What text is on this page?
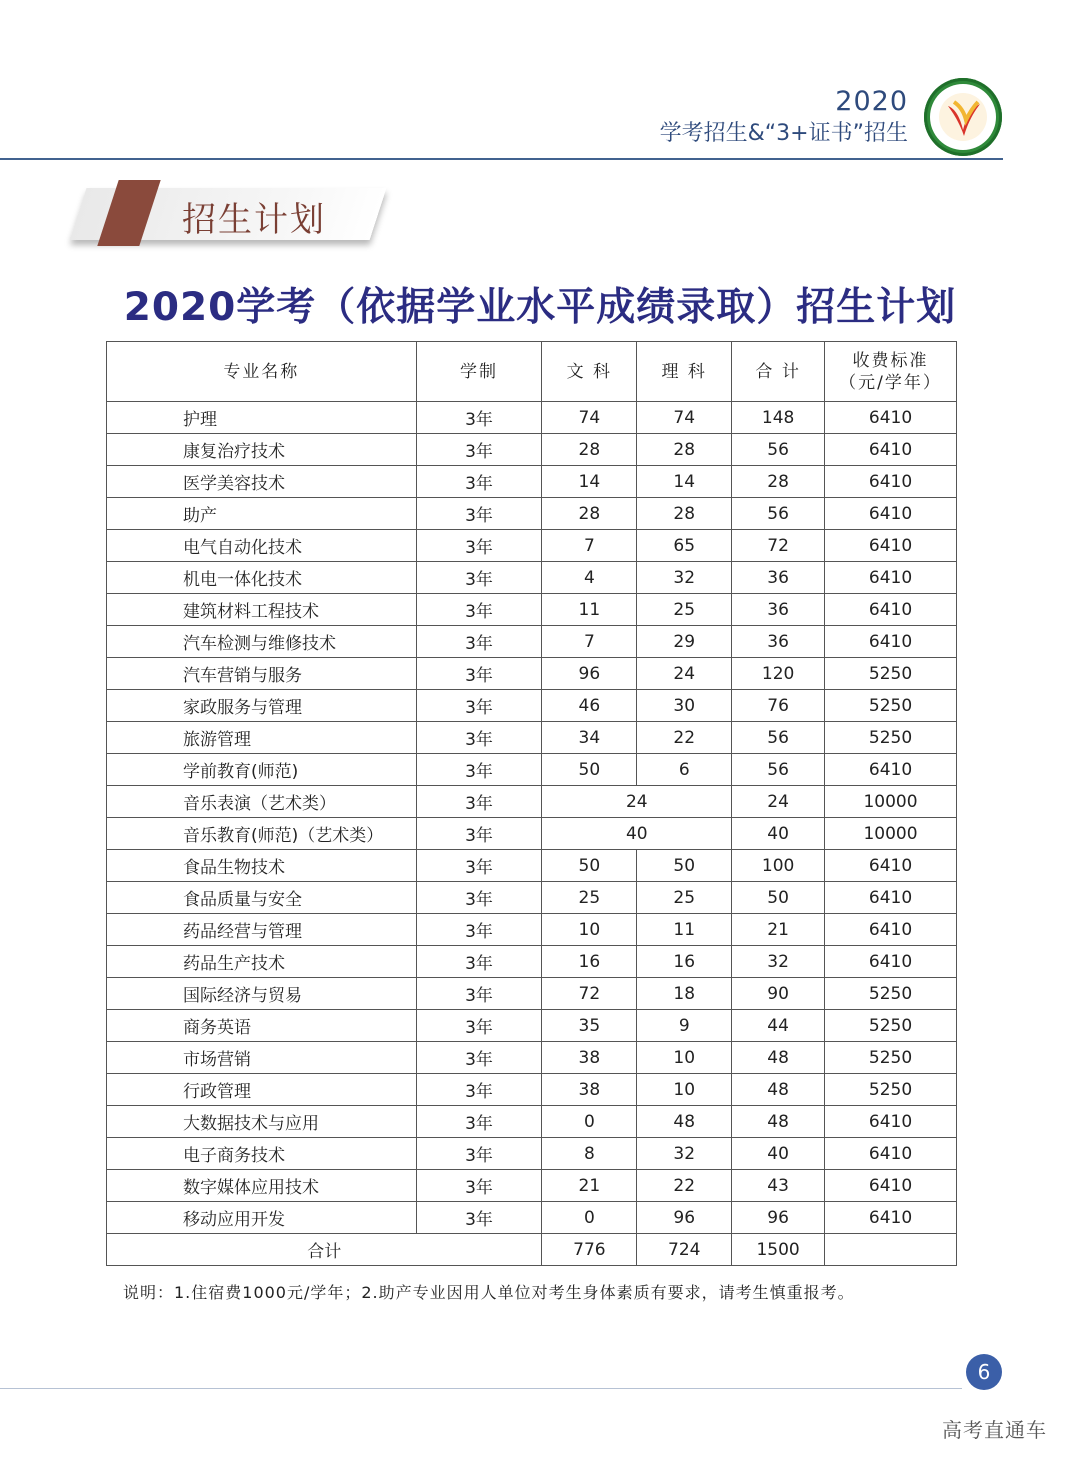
2020
学考招生&“3+证书”招生
招生计划
2020学考（依据学业水平成绩录取）招生计划
专业名称	学制	文 科	理 科	合 计	收费标准
（元/学年）
护理	3年	74	74	148	6410
康复治疗技术	3年	28	28	56	6410
医学美容技术	3年	14	14	28	6410
助产	3年	28	28	56	6410
电气自动化技术	3年	7	65	72	6410
机电一体化技术	3年	4	32	36	6410
建筑材料工程技术	3年	11	25	36	6410
汽车检测与维修技术	3年	7	29	36	6410
汽车营销与服务	3年	96	24	120	5250
家政服务与管理	3年	46	30	76	5250
旅游管理	3年	34	22	56	5250
学前教育(师范)	3年	50	6	56	6410
音乐表演（艺术类）	3年	24		24	10000
音乐教育(师范)（艺术类）	3年	40		40	10000
食品生物技术	3年	50	50	100	6410
食品质量与安全	3年	25	25	50	6410
药品经营与管理	3年	10	11	21	6410
药品生产技术	3年	16	16	32	6410
国际经济与贸易	3年	72	18	90	5250
商务英语	3年	35	9	44	5250
市场营销	3年	38	10	48	5250
行政管理	3年	38	10	48	5250
大数据技术与应用	3年	0	48	48	6410
电子商务技术	3年	8	32	40	6410
数字媒体应用技术	3年	21	22	43	6410
移动应用开发	3年	0	96	96	6410
合计		776	724	1500	
说明：1.住宿费1000元/学年；2.助产专业因用人单位对考生身体素质有要求，请考生慎重报考。
6
高考直通车
